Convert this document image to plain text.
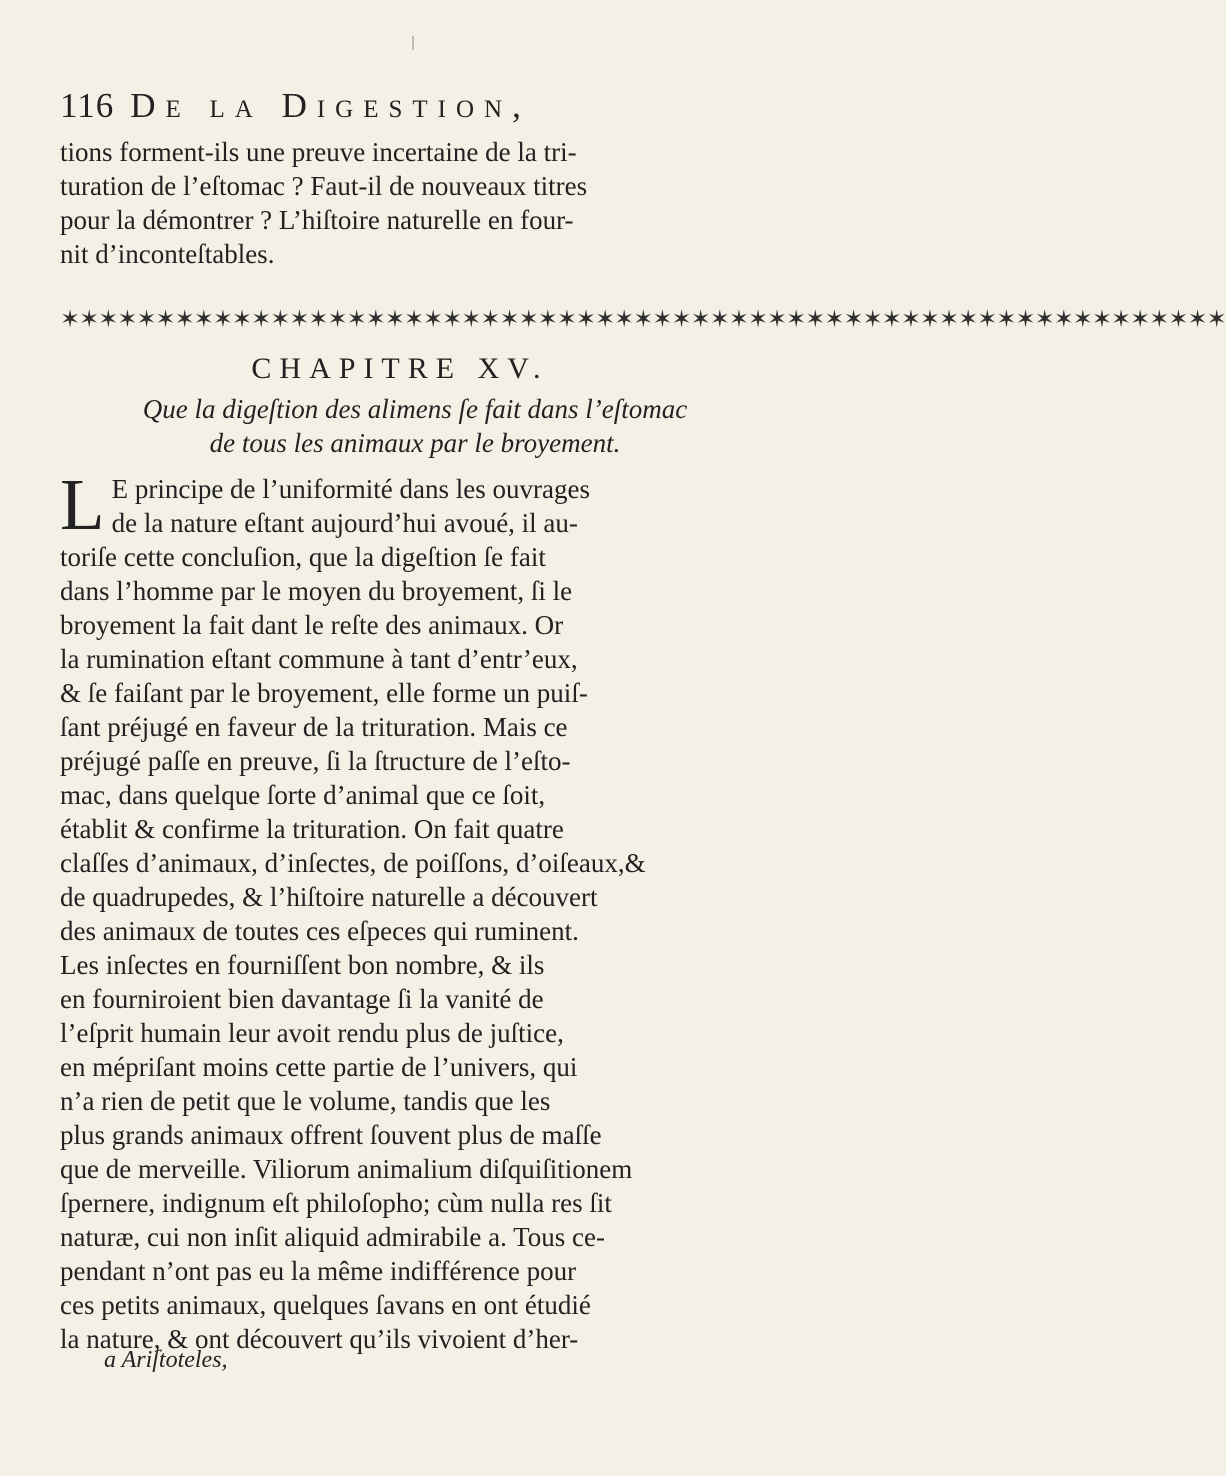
116 De la Digestion,
tions forment-ils une preuve incertaine de la tri-
turation de l’eſtomac ? Faut-il de nouveaux titres
pour la démontrer ? L’hiſtoire naturelle en four-
nit d’inconteſtables.
✶✶✶✶✶✶✶✶✶✶✶✶✶✶✶✶✶✶✶✶✶✶✶✶✶✶✶✶✶✶✶✶✶✶✶✶✶✶✶✶✶✶✶✶✶✶✶✶✶✶✶✶✶✶✶✶✶✶✶✶✶
CHAPITRE XV.
Que la digeſtion des alimens ſe fait dans l’eſtomac
de tous les animaux par le broyement.
L E principe de l’uniformité dans les ouvrages
de la nature eſtant aujourd’hui avoué, il au-
toriſe cette concluſion, que la digeſtion ſe fait
dans l’homme par le moyen du broyement, ſi le
broyement la fait dant le reſte des animaux. Or
la rumination eſtant commune à tant d’entr’eux,
& ſe faiſant par le broyement, elle forme un puiſ-
ſant préjugé en faveur de la trituration. Mais ce
préjugé paſſe en preuve, ſi la ſtructure de l’eſto-
mac, dans quelque ſorte d’animal que ce ſoit,
établit & confirme la trituration. On fait quatre
claſſes d’animaux, d’inſectes, de poiſſons, d’oiſeaux,&
de quadrupedes, & l’hiſtoire naturelle a découvert
des animaux de toutes ces eſpeces qui ruminent.
Les inſectes en fourniſſent bon nombre, & ils
en fourniroient bien davantage ſi la vanité de
l’eſprit humain leur avoit rendu plus de juſtice,
en mépriſant moins cette partie de l’univers, qui
n’a rien de petit que le volume, tandis que les
plus grands animaux offrent ſouvent plus de maſſe
que de merveille. Viliorum animalium diſquiſitionem
ſpernere, indignum eſt philoſopho; cùm nulla res ſit
naturæ, cui non inſit aliquid admirabile a. Tous ce-
pendant n’ont pas eu la même indifférence pour
ces petits animaux, quelques ſavans en ont étudié
la nature, & ont découvert qu’ils vivoient d’her-
a Ariſtoteles,
